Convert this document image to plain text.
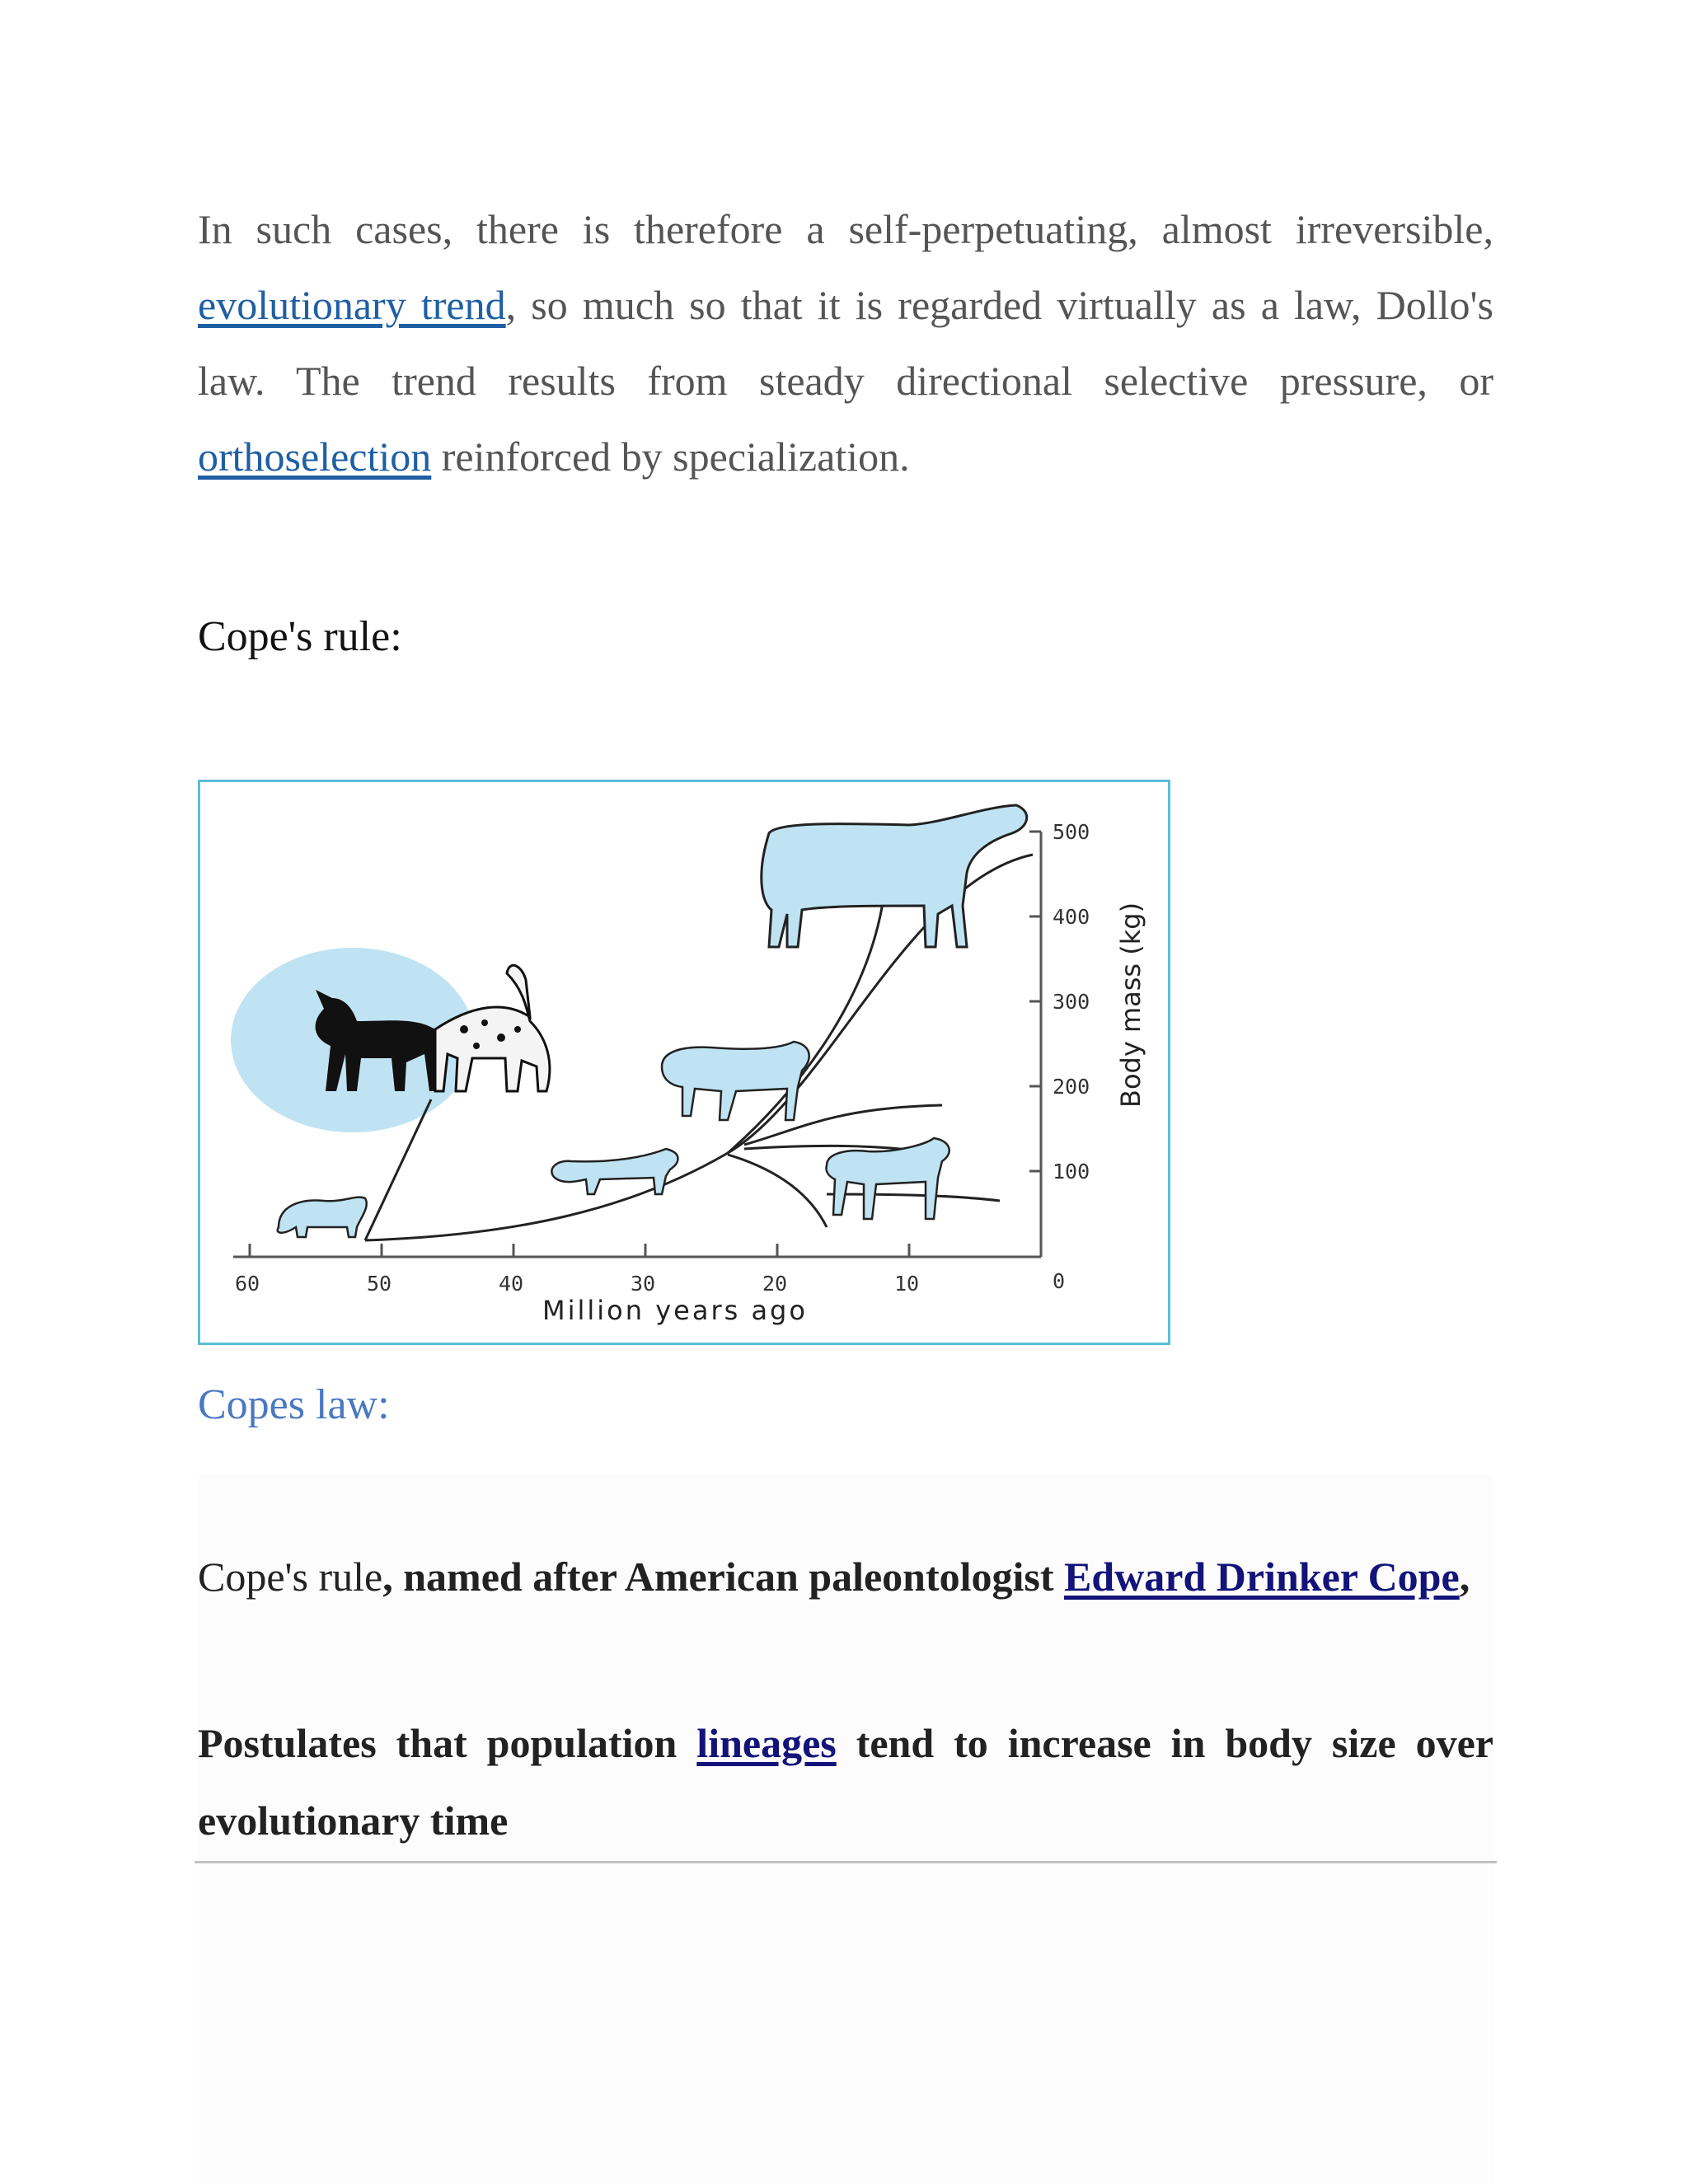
In such cases, there is therefore a self-perpetuating, almost irreversible, evolutionary trend, so much so that it is regarded virtually as a law, Dollo's law. The trend results from steady directional selective pressure, or orthoselection reinforced by specialization.

Cope's rule:
60	50	40	30	20	10
Million years ago
500
400
300
200
100
0
Body mass (kg)
Copes law:

Cope's rule, named after American paleontologist Edward Drinker Cope,

Postulates that population lineages tend to increase in body size over evolutionary time
